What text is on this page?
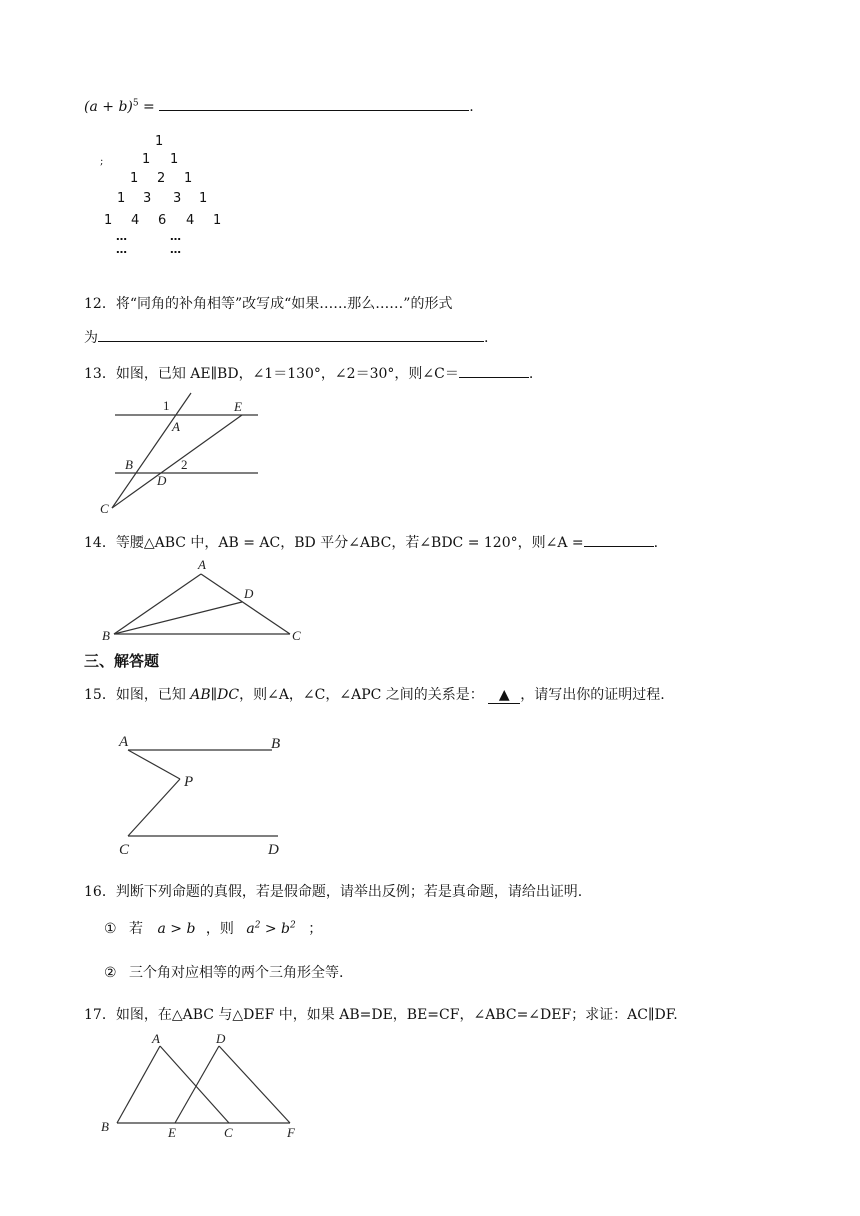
$(a + b)^5$ =	.
;
1
1 1
1 2 1
1 3 3 1
1 4 6 4 1
… …
… …
12．将“同角的补角相等”改写成“如果……那么……”的形式
为	.
13．如图，已知 AE∥BD，∠1＝130°，∠2＝30°，则∠C＝	.
1
A
E
B	2
D
C
A
D
B	C
A	B
P
C	D
A	D
B	E	C	F
14．等腰△ABC 中，AB = AC，BD 平分∠ABC，若∠BDC = 120°，则∠A =	.
三、解答题
15．如图，已知 AB∥DC，则∠A，∠C，∠APC 之间的关系是： ▲ ，请写出你的证明过程.
16．判断下列命题的真假，若是假命题，请举出反例；若是真命题，请给出证明.
① 若 a > b ，则 $a^2 > b^2$ ；
② 三个角对应相等的两个三角形全等.
17．如图，在△ABC 与△DEF 中，如果 AB=DE，BE=CF，∠ABC=∠DEF；求证：AC∥DF.
